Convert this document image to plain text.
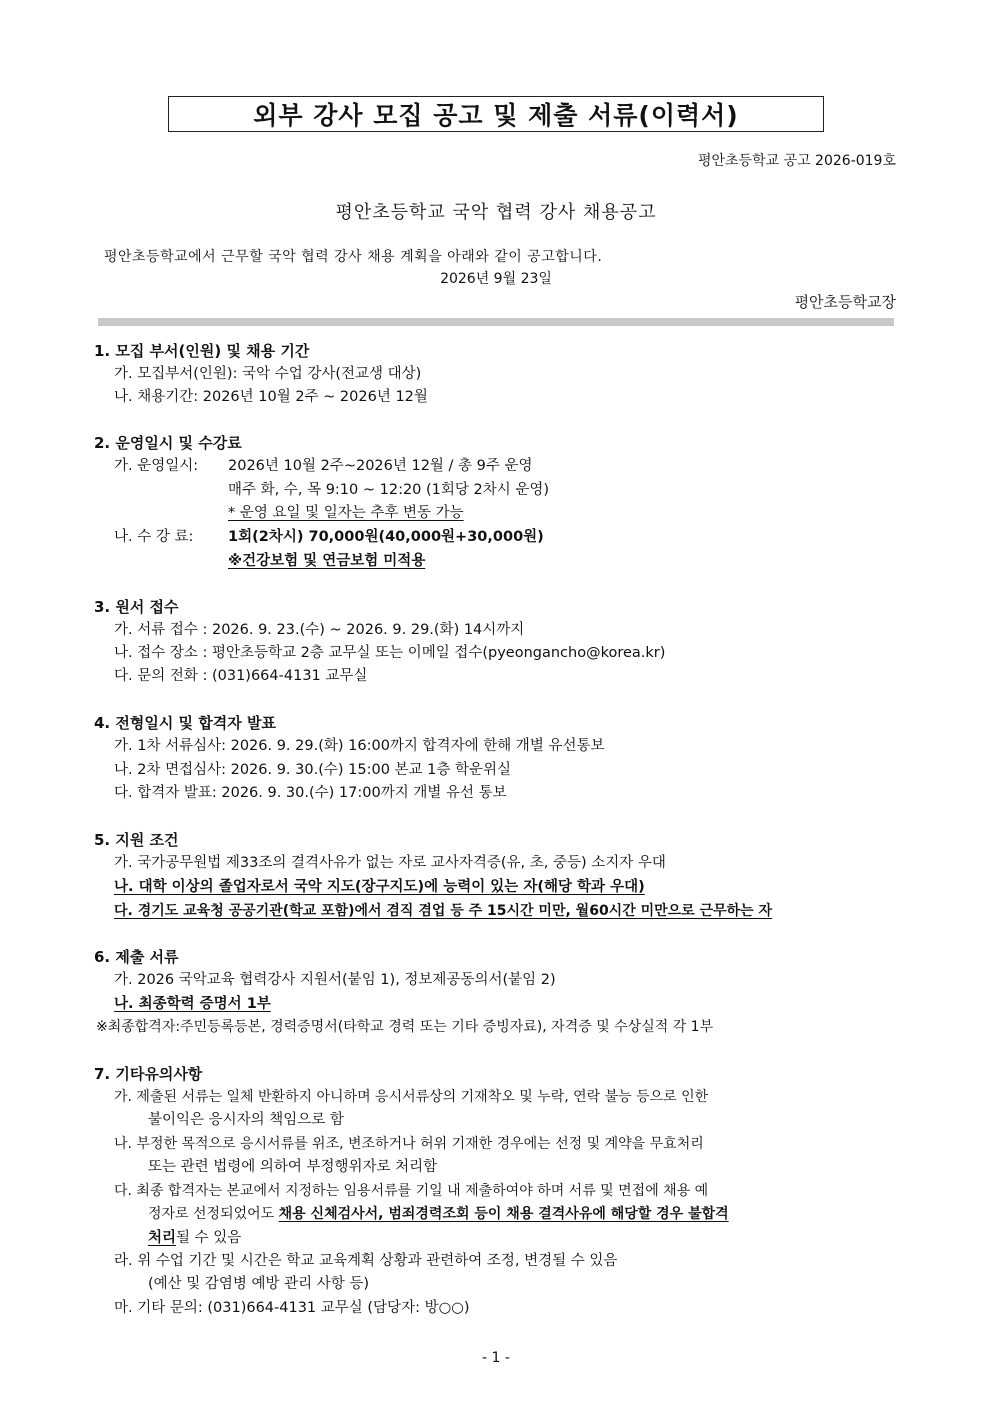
외부 강사 모집 공고 및 제출 서류(이력서)
평안초등학교 공고 2026-019호
평안초등학교 국악 협력 강사 채용공고
평안초등학교에서 근무할 국악 협력 강사 채용 계획을 아래와 같이 공고합니다.
2026년 9월 23일
평안초등학교장
1. 모집 부서(인원) 및 채용 기간
가. 모집부서(인원): 국악 수업 강사(전교생 대상)
나. 채용기간: 2026년 10월 2주 ~ 2026년 12월
2. 운영일시 및 수강료
가. 운영일시: 2026년 10월 2주~2026년 12월 / 총 9주 운영
매주 화, 수, 목 9:10 ~ 12:20 (1회당 2차시 운영)
* 운영 요일 및 일자는 추후 변동 가능
나. 수 강 료: 1회(2차시) 70,000원(40,000원+30,000원)
※건강보험 및 연금보험 미적용
3. 원서 접수
가. 서류 접수 : 2026. 9. 23.(수) ~ 2026. 9. 29.(화) 14시까지
나. 접수 장소 : 평안초등학교 2층 교무실 또는 이메일 접수(pyeongancho@korea.kr)
다. 문의 전화 : (031)664-4131 교무실
4. 전형일시 및 합격자 발표
가. 1차 서류심사: 2026. 9. 29.(화) 16:00까지 합격자에 한해 개별 유선통보
나. 2차 면접심사: 2026. 9. 30.(수) 15:00 본교 1층 학운위실
다. 합격자 발표: 2026. 9. 30.(수) 17:00까지 개별 유선 통보
5. 지원 조건
가. 국가공무원법 제33조의 결격사유가 없는 자로 교사자격증(유, 초, 중등) 소지자 우대
나. 대학 이상의 졸업자로서 국악 지도(장구지도)에 능력이 있는 자(해당 학과 우대)
다. 경기도 교육청 공공기관(학교 포함)에서 겸직 겸업 등 주 15시간 미만, 월60시간 미만으로 근무하는 자
6. 제출 서류
가. 2026 국악교육 협력강사 지원서(붙임 1), 정보제공동의서(붙임 2)
나. 최종학력 증명서 1부
※최종합격자:주민등록등본, 경력증명서(타학교 경력 또는 기타 증빙자료), 자격증 및 수상실적 각 1부
7. 기타유의사항
가. 제출된 서류는 일체 반환하지 아니하며 응시서류상의 기재착오 및 누락, 연락 불능 등으로 인한
불이익은 응시자의 책임으로 함
나. 부정한 목적으로 응시서류를 위조, 변조하거나 허위 기재한 경우에는 선정 및 계약을 무효처리
또는 관련 법령에 의하여 부정행위자로 처리함
다. 최종 합격자는 본교에서 지정하는 임용서류를 기일 내 제출하여야 하며 서류 및 면접에 채용 예
정자로 선정되었어도 채용 신체검사서, 범죄경력조회 등이 채용 결격사유에 해당할 경우 불합격
처리될 수 있음
라. 위 수업 기간 및 시간은 학교 교육계획 상황과 관련하여 조정, 변경될 수 있음
(예산 및 감염병 예방 관리 사항 등)
마. 기타 문의: (031)664-4131 교무실 (담당자: 방○○)
- 1 -
